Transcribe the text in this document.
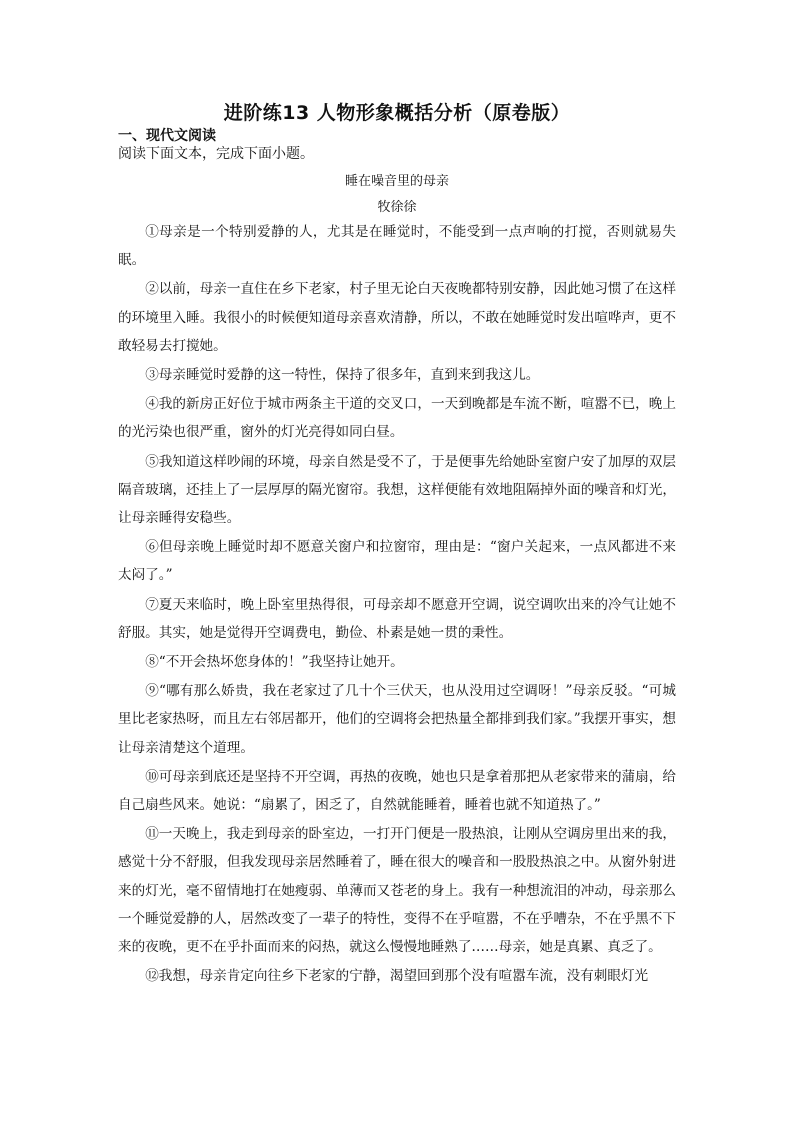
进阶练13 人物形象概括分析（原卷版）
一、现代文阅读
阅读下面文本，完成下面小题。
睡在噪音里的母亲
牧徐徐

①母亲是一个特别爱静的人，尤其是在睡觉时，不能受到一点声响的打搅，否则就易失眠。

②以前，母亲一直住在乡下老家，村子里无论白天夜晚都特别安静，因此她习惯了在这样的环境里入睡。我很小的时候便知道母亲喜欢清静，所以，不敢在她睡觉时发出喧哗声，更不敢轻易去打搅她。

③母亲睡觉时爱静的这一特性，保持了很多年，直到来到我这儿。

④我的新房正好位于城市两条主干道的交叉口，一天到晚都是车流不断，喧嚣不已，晚上的光污染也很严重，窗外的灯光亮得如同白昼。

⑤我知道这样吵闹的环境，母亲自然是受不了，于是便事先给她卧室窗户安了加厚的双层隔音玻璃，还挂上了一层厚厚的隔光窗帘。我想，这样便能有效地阻隔掉外面的噪音和灯光，让母亲睡得安稳些。

⑥但母亲晚上睡觉时却不愿意关窗户和拉窗帘，理由是：“窗户关起来，一点风都进不来太闷了。”

⑦夏天来临时，晚上卧室里热得很，可母亲却不愿意开空调，说空调吹出来的冷气让她不舒服。其实，她是觉得开空调费电，勤俭、朴素是她一贯的秉性。

⑧“不开会热坏您身体的！”我坚持让她开。

⑨“哪有那么娇贵，我在老家过了几十个三伏天，也从没用过空调呀！”母亲反驳。“可城里比老家热呀，而且左右邻居都开，他们的空调将会把热量全都排到我们家。”我摆开事实，想让母亲清楚这个道理。

⑩可母亲到底还是坚持不开空调，再热的夜晚，她也只是拿着那把从老家带来的蒲扇，给自己扇些风来。她说：“扇累了，困乏了，自然就能睡着，睡着也就不知道热了。”

⑪一天晚上，我走到母亲的卧室边，一打开门便是一股热浪，让刚从空调房里出来的我，感觉十分不舒服，但我发现母亲居然睡着了，睡在很大的噪音和一股股热浪之中。从窗外射进来的灯光，毫不留情地打在她瘦弱、单薄而又苍老的身上。我有一种想流泪的冲动，母亲那么一个睡觉爱静的人，居然改变了一辈子的特性，变得不在乎喧嚣，不在乎嘈杂，不在乎黑不下来的夜晚，更不在乎扑面而来的闷热，就这么慢慢地睡熟了……母亲，她是真累、真乏了。

⑫我想，母亲肯定向往乡下老家的宁静，渴望回到那个没有喧嚣车流，没有刺眼灯光
